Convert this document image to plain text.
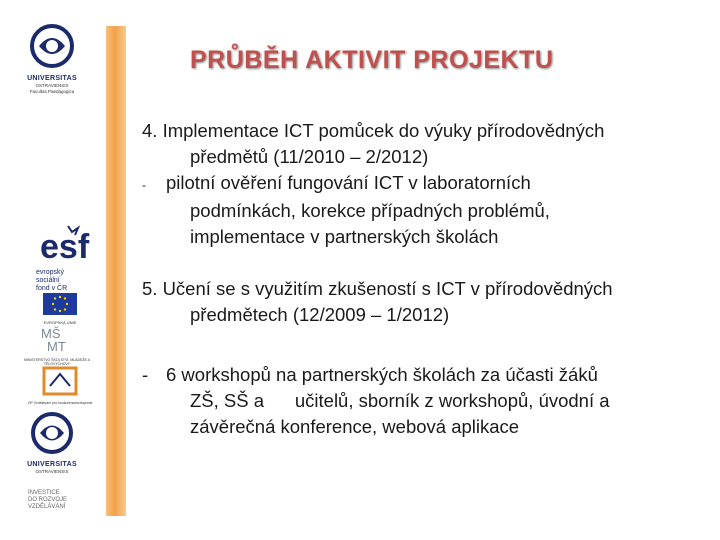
UNIVERSITAS
OSTRAVIENSIS
Facultas Paedagogica
esf
evropský
sociální
fond v ČR
EVROPSKÁ UNIE
MŠ
MT
MINISTERSTVO ŠKOLSTVÍ, MLÁDEŽE A TĚLOVÝCHOVY
OP Vzdělávání pro konkurenceschopnost
UNIVERSITAS
OSTRAVIENSIS
INVESTICE
DO ROZVOJE
VZDĚLÁVÁNÍ
PRŮBĚH AKTIVIT PROJEKTU
4. Implementace ICT pomůcek do výuky přírodovědných
předmětů (11/2010 – 2/2012)
- pilotní ověření fungování ICT v laboratorních
podmínkách, korekce případných problémů,
implementace v partnerských školách
5. Učení se s využitím zkušeností s ICT v přírodovědných
předmětech (12/2009 – 1/2012)
- 6 workshopů na partnerských školách za účasti žáků
ZŠ, SŠ a      učitelů, sborník z workshopů, úvodní a
závěrečná konference, webová aplikace
